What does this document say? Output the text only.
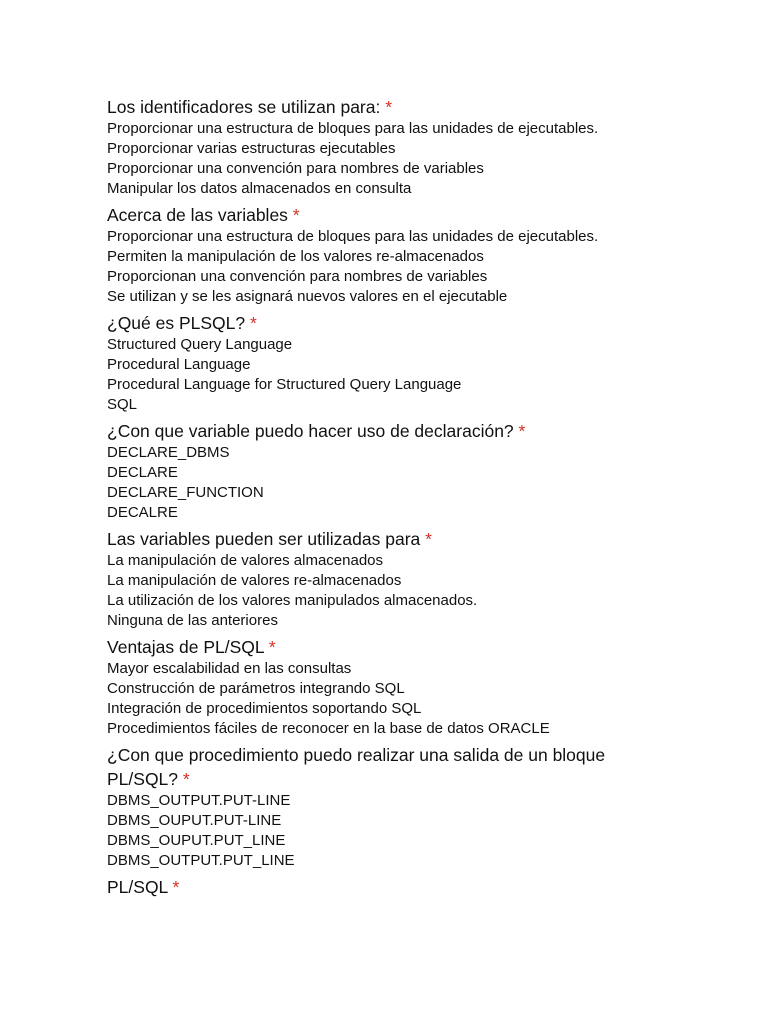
Los identificadores se utilizan para: *

Proporcionar una estructura de bloques para las unidades de ejecutables.
Proporcionar varias estructuras ejecutables
Proporcionar una convención para nombres de variables
Manipular los datos almacenados en consulta

Acerca de las variables *

Proporcionar una estructura de bloques para las unidades de ejecutables.
Permiten la manipulación de los valores re-almacenados
Proporcionan una convención para nombres de variables
Se utilizan y se les asignará nuevos valores en el ejecutable

¿Qué es PLSQL? *

Structured Query Language
Procedural Language
Procedural Language for Structured Query Language
SQL

¿Con que variable puedo hacer uso de declaración? *

DECLARE_DBMS
DECLARE
DECLARE_FUNCTION
DECALRE

Las variables pueden ser utilizadas para *

La manipulación de valores almacenados
La manipulación de valores re-almacenados
La utilización de los valores manipulados almacenados.
Ninguna de las anteriores

Ventajas de PL/SQL *

Mayor escalabilidad en las consultas
Construcción de parámetros integrando SQL
Integración de procedimientos soportando SQL
Procedimientos fáciles de reconocer en la base de datos ORACLE

¿Con que procedimiento puedo realizar una salida de un bloque PL/SQL? *

DBMS_OUTPUT.PUT-LINE
DBMS_OUPUT.PUT-LINE
DBMS_OUPUT.PUT_LINE
DBMS_OUTPUT.PUT_LINE

PL/SQL *
